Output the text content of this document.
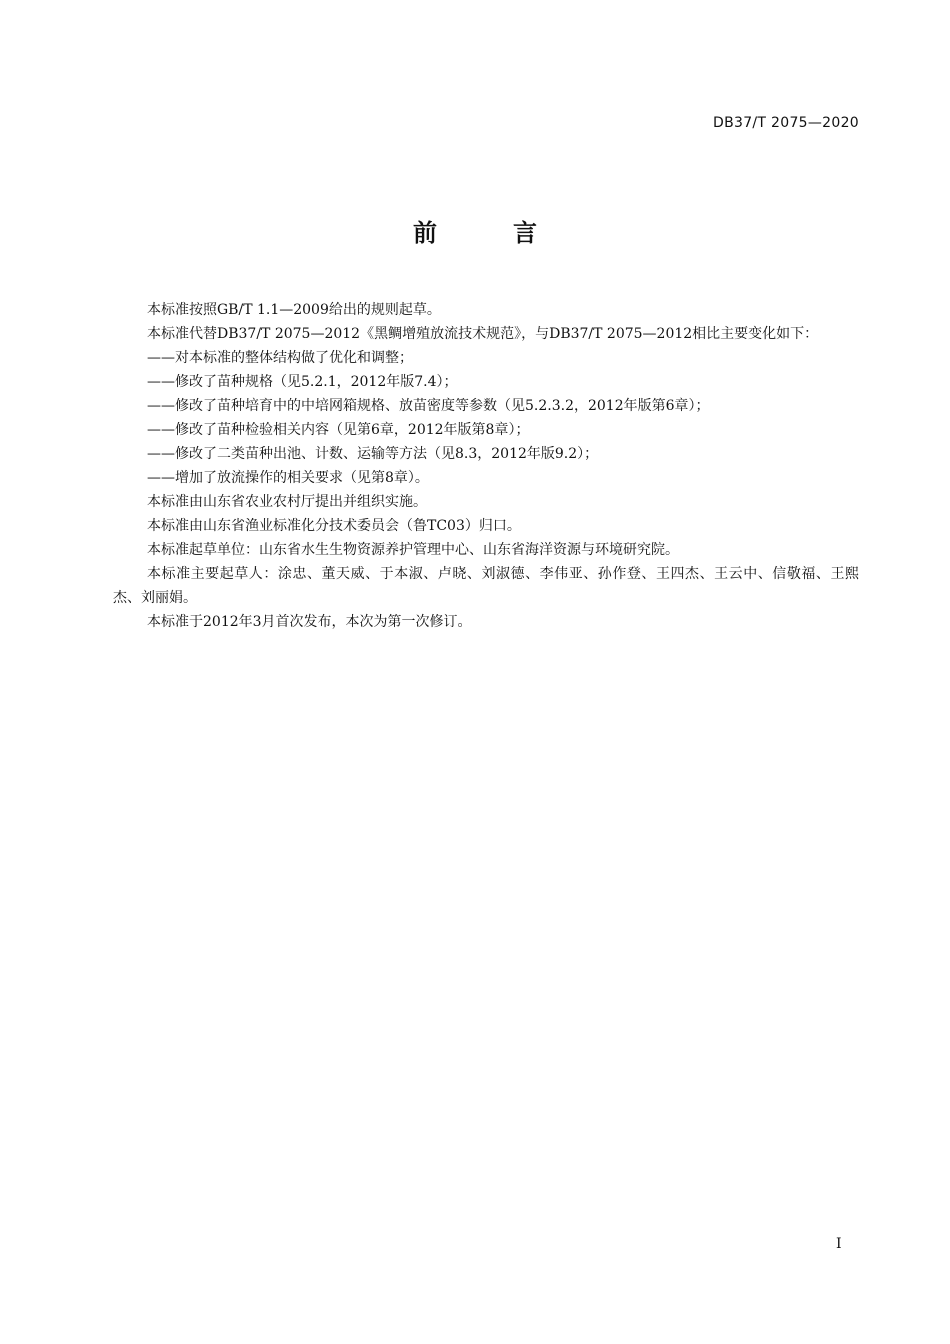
DB37/T 2075—2020
前　言

本标准按照GB/T 1.1—2009给出的规则起草。

本标准代替DB37/T 2075—2012《黑鲷增殖放流技术规范》，与DB37/T 2075—2012相比主要变化如下：

——对本标准的整体结构做了优化和调整；

——修改了苗种规格（见5.2.1，2012年版7.4）；

——修改了苗种培育中的中培网箱规格、放苗密度等参数（见5.2.3.2，2012年版第6章）；

——修改了苗种检验相关内容（见第6章，2012年版第8章）；

——修改了二类苗种出池、计数、运输等方法（见8.3，2012年版9.2）；

——增加了放流操作的相关要求（见第8章）。

本标准由山东省农业农村厅提出并组织实施。

本标准由山东省渔业标准化分技术委员会（鲁TC03）归口。

本标准起草单位：山东省水生生物资源养护管理中心、山东省海洋资源与环境研究院。

本标准主要起草人：涂忠、董天威、于本淑、卢晓、刘淑德、李伟亚、孙作登、王四杰、王云中、信敬福、王熙杰、刘丽娟。

本标准于2012年3月首次发布，本次为第一次修订。

I
